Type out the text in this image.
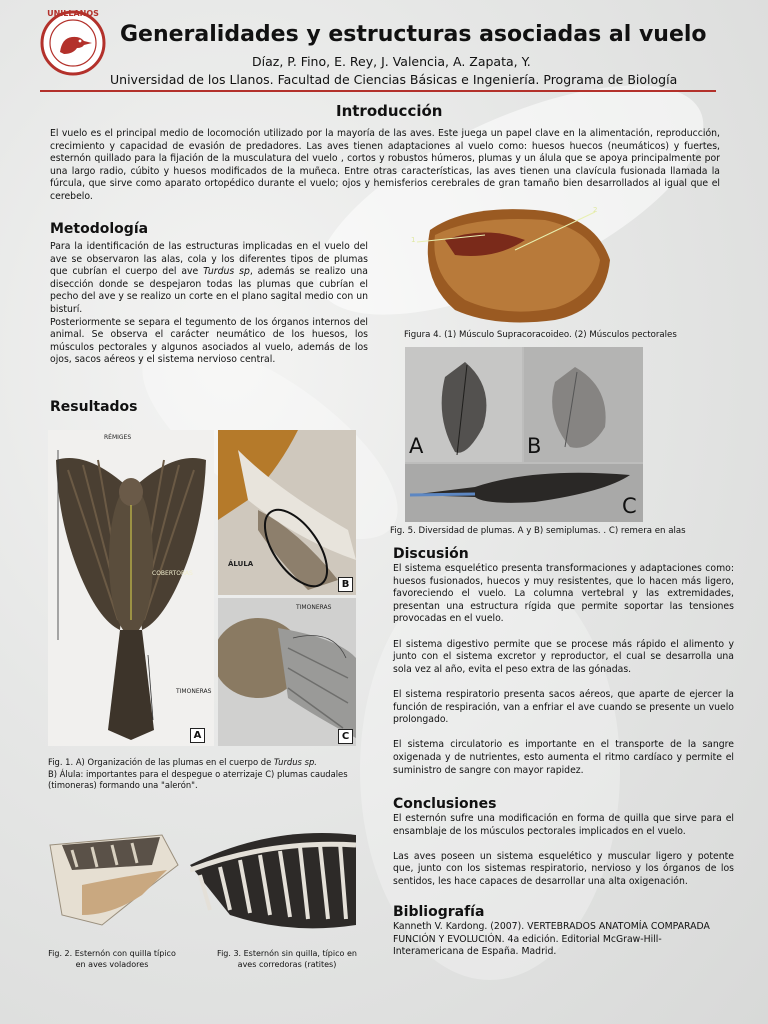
UNILLANOS
Generalidades y estructuras asociadas al vuelo
Díaz, P. Fino, E. Rey, J. Valencia, A. Zapata, Y.
Universidad de los Llanos. Facultad de Ciencias Básicas e Ingeniería. Programa de Biología
Introducción
El vuelo es el principal medio de locomoción utilizado por la mayoría de las aves. Este juega un papel clave en la alimentación, reproducción, crecimiento y capacidad de evasión de predadores. Las aves tienen adaptaciones al vuelo como: huesos huecos (neumáticos) y fuertes, esternón quillado para la fijación de la musculatura del vuelo , cortos y robustos húmeros, plumas y un álula que se apoya principalmente por una largo radio, cúbito y huesos modificados de la muñeca. Entre otras características, las aves tienen una clavícula fusionada llamada la fúrcula, que sirve como aparato ortopédico durante el vuelo; ojos y hemisferios cerebrales de gran tamaño bien desarrollados al igual que el cerebelo.
Metodología
Para la identificación de las estructuras implicadas en el vuelo del ave se observaron las alas, cola y los diferentes tipos de plumas que cubrían el cuerpo del ave Turdus sp, además se realizo una disección donde se despejaron todas las plumas que cubrían el pecho del ave y se realizo un corte en el plano sagital medio con un bisturí.
Posteriormente se separa el tegumento de los órganos internos del animal. Se observa el carácter neumático de los huesos, los músculos pectorales y algunos asociados al vuelo, además de los ojos, sacos aéreos y el sistema nervioso central.
Resultados
RÉMIGES
COBERTORAS
TIMONERAS
A
ÁLULA
B
TIMONERAS
C
Fig. 1. A) Organización de las plumas en el cuerpo de Turdus sp.
B) Álula: importantes para el despegue o aterrizaje C) plumas caudales (timoneras) formando una "alerón".
Fig. 2. Esternón con quilla típico en aves voladores
Fig. 3. Esternón sin quilla, típico en aves corredoras (ratites)
1
2
Figura 4. (1) Músculo Supracoracoideo. (2) Músculos pectorales
A	B
C
Fig. 5. Diversidad de plumas. A y B) semiplumas. . C) remera en alas
Discusión

El sistema esquelético presenta transformaciones y adaptaciones como: huesos fusionados, huecos y muy resistentes, que lo hacen más ligero, favoreciendo el vuelo. La columna vertebral y las extremidades, presentan una estructura rígida que permite soportar las tensiones provocadas en el vuelo.

El sistema digestivo permite que se procese más rápido el alimento y junto con el sistema excretor y reproductor, el cual se desarrolla una sola vez al año, evita el peso extra de las gónadas.

El sistema respiratorio presenta sacos aéreos, que aparte de ejercer la función de respiración, van a enfriar el ave cuando se presente un vuelo prolongado.

El sistema circulatorio es importante en el transporte de la sangre oxigenada y de nutrientes, esto aumenta el ritmo cardíaco y permite el suministro de sangre con mayor rapidez.

Conclusiones

El esternón sufre una modificación en forma de quilla que sirve para el ensamblaje de los músculos pectorales implicados en el vuelo.

Las aves poseen un sistema esquelético y muscular ligero y potente que, junto con los sistemas respiratorio, nervioso y los órganos de los sentidos, les hace capaces de desarrollar una alta oxigenación.

Bibliografía
Kanneth V. Kardong. (2007). VERTEBRADOS ANATOMÍA COMPARADA FUNCIÓN Y EVOLUCIÓN. 4a edición. Editorial McGraw-Hill-Interamericana de España. Madrid.
